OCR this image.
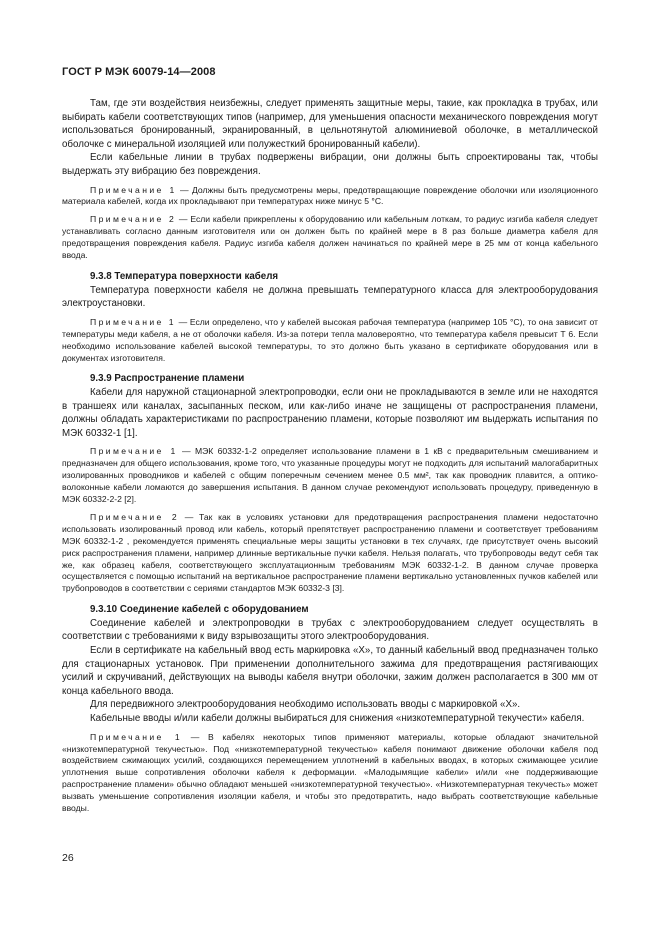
ГОСТ Р МЭК 60079-14—2008

Там, где эти воздействия неизбежны, следует применять защитные меры, такие, как прокладка в трубах, или выбирать кабели соответствующих типов (например, для уменьшения опасности механического повреждения могут использоваться бронированный, экранированный, в цельнотянутой алюминиевой оболочке, в металлической оболочке с минеральной изоляцией или полужесткий бронированный кабели).

Если кабельные линии в трубах подвержены вибрации, они должны быть спроектированы так, чтобы выдержать эту вибрацию без повреждения.

Примечание 1 — Должны быть предусмотрены меры, предотвращающие повреждение оболочки или изоляционного материала кабелей, когда их прокладывают при температурах ниже минус 5 °С.

Примечание 2 — Если кабели прикреплены к оборудованию или кабельным лоткам, то радиус изгиба кабеля следует устанавливать согласно данным изготовителя или он должен быть по крайней мере в 8 раз больше диаметра кабеля для предотвращения повреждения кабеля. Радиус изгиба кабеля должен начинаться по крайней мере в 25 мм от конца кабельного ввода.

9.3.8 Температура поверхности кабеля

Температура поверхности кабеля не должна превышать температурного класса для электрооборудования электроустановки.

Примечание 1 — Если определено, что у кабелей высокая рабочая температура (например 105 °С), то она зависит от температуры меди кабеля, а не от оболочки кабеля. Из-за потери тепла маловероятно, что температура кабеля превысит Т 6. Если необходимо использование кабелей высокой температуры, то это должно быть указано в сертификате оборудования или в документах изготовителя.

9.3.9 Распространение пламени

Кабели для наружной стационарной электропроводки, если они не прокладываются в земле или не находятся в траншеях или каналах, засыпанных песком, или как-либо иначе не защищены от распространения пламени, должны обладать характеристиками по распространению пламени, которые позволяют им выдержать испытания по МЭК 60332-1 [1].

Примечание 1 — МЭК 60332-1-2 определяет использование пламени в 1 кВ с предварительным смешиванием и предназначен для общего использования, кроме того, что указанные процедуры могут не подходить для испытаний малогабаритных изолированных проводников и кабелей с общим поперечным сечением менее 0.5 мм², так как проводник плавится, а оптико-волоконные кабели ломаются до завершения испытания. В данном случае рекомендуют использовать процедуру, приведенную в МЭК 60332-2-2 [2].

Примечание 2 — Так как в условиях установки для предотвращения распространения пламени недостаточно использовать изолированный провод или кабель, который препятствует распространению пламени и соответствует требованиям МЭК 60332-1-2 , рекомендуется применять специальные меры защиты установки в тех случаях, где присутствует очень высокий риск распространения пламени, например длинные вертикальные пучки кабеля. Нельзя полагать, что трубопроводы ведут себя так же, как образец кабеля, соответствующего эксплуатационным требованиям МЭК 60332-1-2. В данном случае проверка осуществляется с помощью испытаний на вертикальное распространение пламени вертикально установленных пучков кабелей или трубопроводов в соответствии с сериями стандартов МЭК 60332-3 [3].

9.3.10 Соединение кабелей с оборудованием

Соединение кабелей и электропроводки в трубах с электрооборудованием следует осуществлять в соответствии с требованиями к виду взрывозащиты этого электрооборудования.

Если в сертификате на кабельный ввод есть маркировка «Х», то данный кабельный ввод предназначен только для стационарных установок. При применении дополнительного зажима для предотвращения растягивающих усилий и скручиваний, действующих на выводы кабеля внутри оболочки, зажим должен располагается в 300 мм от конца кабельного ввода.

Для передвижного электрооборудования необходимо использовать вводы с маркировкой «Х».

Кабельные вводы и/или кабели должны выбираться для снижения «низкотемпературной текучести» кабеля.

Примечание 1 — В кабелях некоторых типов применяют материалы, которые обладают значительной «низкотемпературной текучестью». Под «низкотемпературной текучестью» кабеля понимают движение оболочки кабеля под воздействием сжимающих усилий, создающихся перемещением уплотнений в кабельных вводах, в которых сжимающее усилие уплотнения выше сопротивления оболочки кабеля к деформации. «Малодымящие кабели» и/или «не поддерживающие распространение пламени» обычно обладают меньшей «низкотемпературной текучестью». «Низкотемпературная текучесть» может вызвать уменьшение сопротивления изоляции кабеля, и чтобы это предотвратить, надо выбрать соответствующие кабельные вводы.

26
